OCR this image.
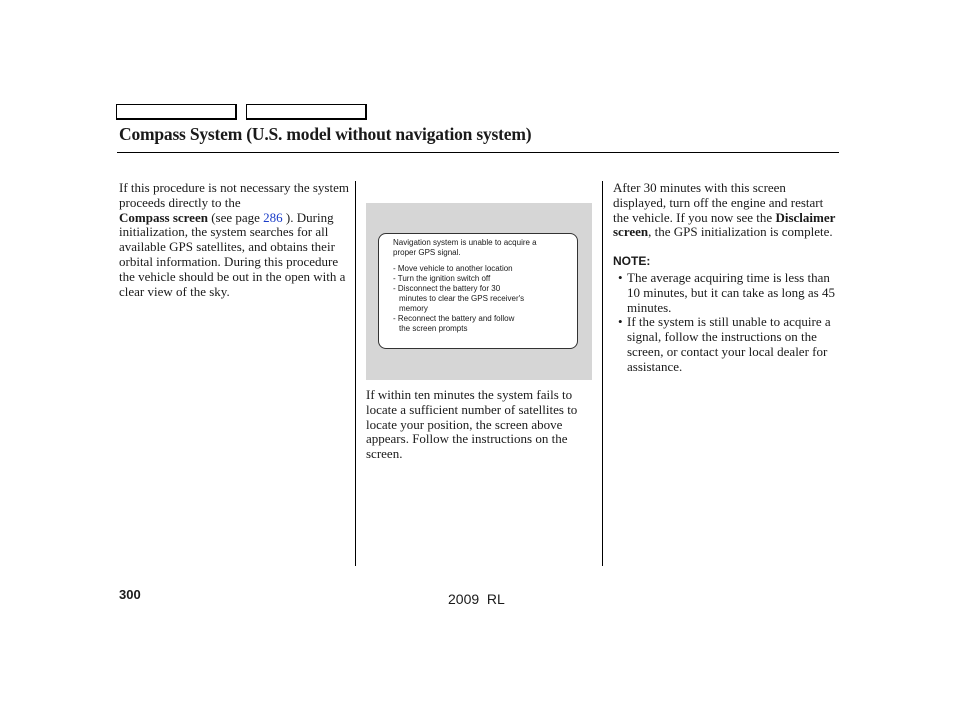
Compass System (U.S. model without navigation system)

If this procedure is not necessary the system proceeds directly to the
Compass screen (see page 286 ). During initialization, the system searches for all available GPS satellites, and obtains their orbital information. During this procedure the vehicle should be out in the open with a clear view of the sky.

Navigation system is unable to acquire a
proper GPS signal.
- Move vehicle to another location
- Turn the ignition switch off
- Disconnect the battery for 30
minutes to clear the GPS receiver's
memory
- Reconnect the battery and follow
the screen prompts

If within ten minutes the system fails to locate a sufficient number of satellites to locate your position, the screen above appears. Follow the instructions on the screen.

After 30 minutes with this screen displayed, turn off the engine and restart the vehicle. If you now see the Disclaimer screen, the GPS initialization is complete.

NOTE:
• The average acquiring time is less than 10 minutes, but it can take as long as 45 minutes.
• If the system is still unable to acquire a signal, follow the instructions on the screen, or contact your local dealer for assistance.
300	2009  RL
